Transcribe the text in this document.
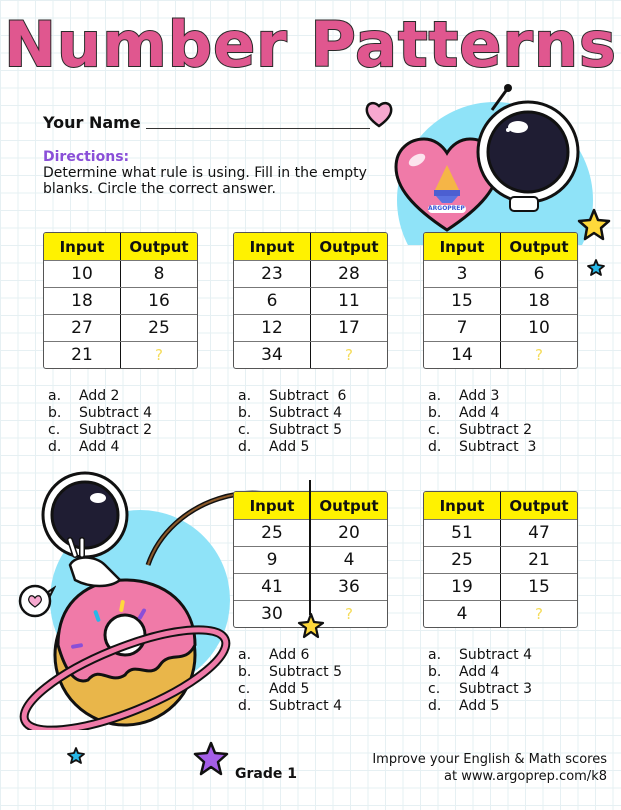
Number Patterns
Your Name
Directions:
Determine what rule is using. Fill in the empty blanks. Circle the correct answer.
ARGOPREP
Input	Output
10	8
18	16
27	25
21	?
a.	Add 2
b.	Subtract 4
c.	Subtract 2
d.	Add 4
Input	Output
23	28
6	11
12	17
34	?
a.	Subtract  6
b.	Subtract 4
c.	Subtract 5
d.	Add 5
Input	Output
3	6
15	18
7	10
14	?
a.	Add 3
b.	Add 4
c.	Subtract 2
d.	Subtract  3
Input	Output
25	20
9	4
41	36
30	?
a.	Add 6
b.	Subtract 5
c.	Add 5
d.	Subtract 4
Input	Output
51	47
25	21
19	15
4	?
a.	Subtract 4
b.	Add 4
c.	Subtract 3
d.	Add 5
Grade 1
Improve your English & Math scores
at www.argoprep.com/k8
